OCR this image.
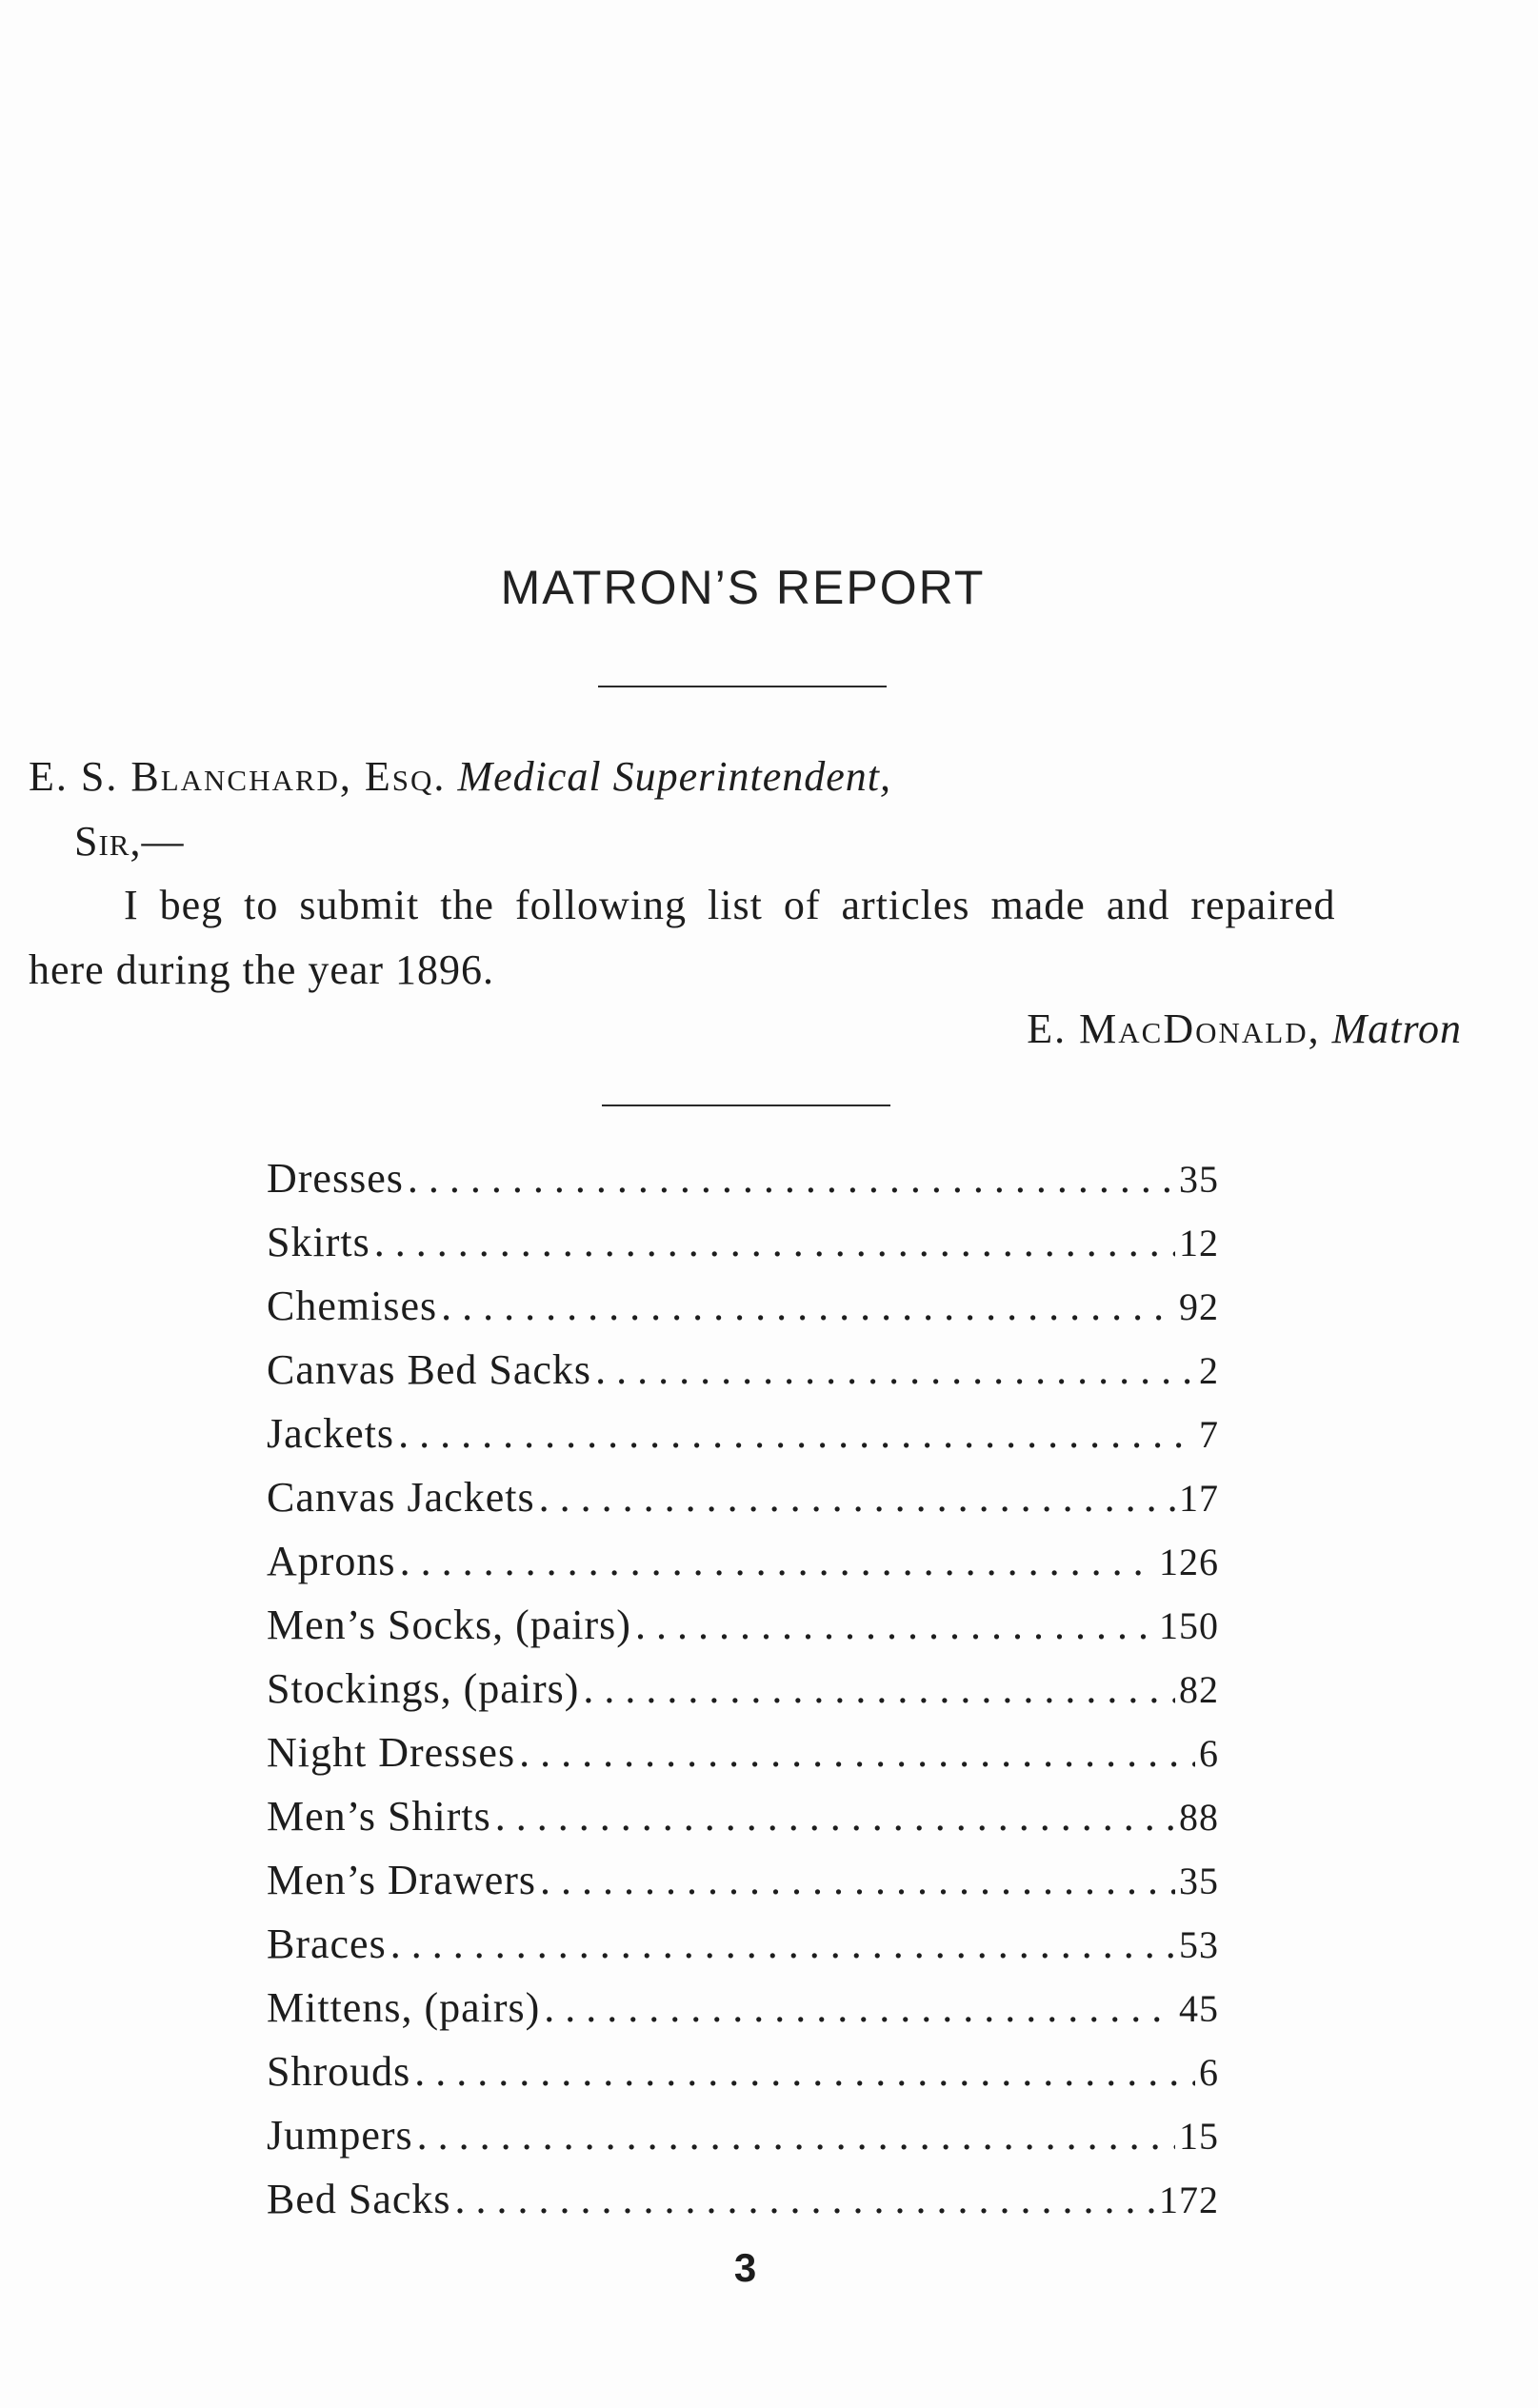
MATRON’S REPORT
E. S. Blanchard, Esq. Medical Superintendent,
Sir,—
I beg to submit the following list of articles made and repaired
here during the year 1896.
E. MacDonald, Matron
Dresses . . .	35
Skirts . . .	12
Chemises . . .	92
Canvas Bed Sacks . . .	2
Jackets . . .	7
Canvas Jackets . . .	17
Aprons . . .	126
Men’s Socks, (pairs) . . .	150
Stockings, (pairs) . . .	82
Night Dresses . . .	6
Men’s Shirts . . .	88
Men’s Drawers . . .	35
Braces . . .	53
Mittens, (pairs) . . .	45
Shrouds . . .	6
Jumpers . . .	15
Bed Sacks . . .	172
3
